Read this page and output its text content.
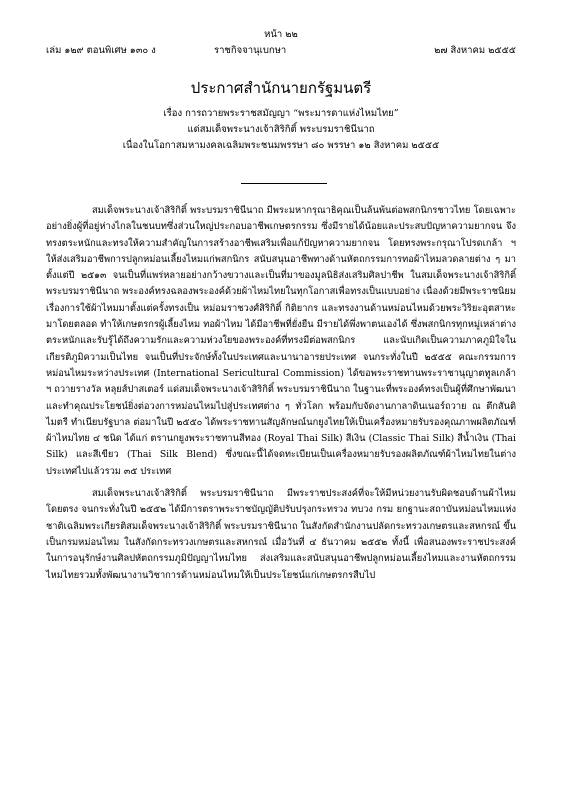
หน้า ๒๒
เล่ม ๑๒๙ ตอนพิเศษ ๑๓๐ ง	ราชกิจจานุเบกษา	๒๗ สิงหาคม ๒๕๕๕
ประกาศสำนักนายกรัฐมนตรี
เรื่อง การถวายพระราชสมัญญา “พระมารดาแห่งไหมไทย”
แด่สมเด็จพระนางเจ้าสิริกิติ์ พระบรมราชินีนาถ
เนื่องในโอกาสมหามงคลเฉลิมพระชนมพรรษา ๘๐ พรรษา ๑๒ สิงหาคม ๒๕๕๕

สมเด็จพระนางเจ้าสิริกิติ์ พระบรมราชินีนาถ มีพระมหากรุณาธิคุณเป็นล้นพ้นต่อพสกนิกรชาวไทย โดยเฉพาะอย่างยิ่งผู้ที่อยู่ห่างไกลในชนบทซึ่งส่วนใหญ่ประกอบอาชีพเกษตรกรรม ซึ่งมีรายได้น้อยและประสบปัญหาความยากจน จึงทรงตระหนักและทรงให้ความสำคัญในการสร้างอาชีพเสริมเพื่อแก้ปัญหาความยากจน โดยทรงพระกรุณาโปรดเกล้า ฯ ให้ส่งเสริมอาชีพการปลูกหม่อนเลี้ยงไหมแก่พสกนิกร สนับสนุนอาชีพทางด้านหัตถกรรมการทอผ้าไหมลวดลายต่าง ๆ มาตั้งแต่ปี ๒๕๑๓ จนเป็นที่แพร่หลายอย่างกว้างขวางและเป็นที่มาของมูลนิธิส่งเสริมศิลปาชีพ ในสมเด็จพระนางเจ้าสิริกิติ์ พระบรมราชินีนาถ พระองค์ทรงฉลองพระองค์ด้วยผ้าไหมไทยในทุกโอกาสเพื่อทรงเป็นแบบอย่าง เนื่องด้วยมีพระราชนิยมเรื่องการใช้ผ้าไหมมาตั้งแต่ครั้งทรงเป็น หม่อมราชวงศ์สิริกิติ์ กิติยากร และทรงงานด้านหม่อนไหมด้วยพระวิริยะอุตสาหะมาโดยตลอด ทำให้เกษตรกรผู้เลี้ยงไหม ทอผ้าไหม ได้มีอาชีพที่ยั่งยืน มีรายได้พึ่งพาตนเองได้ ซึ่งพสกนิกรทุกหมู่เหล่าต่างตระหนักและรับรู้ได้ถึงความรักและความห่วงใยของพระองค์ที่ทรงมีต่อพสกนิกร และนับเกิดเป็นความภาคภูมิใจในเกียรติภูมิความเป็นไทย จนเป็นที่ประจักษ์ทั้งในประเทศและนานาอารยประเทศ จนกระทั่งในปี ๒๕๕๕ คณะกรรมการหม่อนไหมระหว่างประเทศ (International Sericultural Commission) ได้ขอพระราชทานพระราชานุญาตทูลเกล้า ฯ ถวายรางวัล หลุยส์ปาสเตอร์ แด่สมเด็จพระนางเจ้าสิริกิติ์ พระบรมราชินีนาถ ในฐานะที่พระองค์ทรงเป็นผู้ที่ศึกษาพัฒนาและทำคุณประโยชน์ยิ่งต่อวงการหม่อนไหมไปสู่ประเทศต่าง ๆ ทั่วโลก พร้อมกับจัดงานกาลาดินเนอร์ถวาย ณ ตึกสันติไมตรี ทำเนียบรัฐบาล ต่อมาในปี ๒๕๕๐ ได้พระราชทานสัญลักษณ์นกยูงไทยให้เป็นเครื่องหมายรับรองคุณภาพผลิตภัณฑ์ผ้าไหมไทย ๔ ชนิด ได้แก่ ตรานกยูงพระราชทานสีทอง (Royal Thai Silk) สีเงิน (Classic Thai Silk) สีน้ำเงิน (Thai Silk) และสีเขียว (Thai Silk Blend) ซึ่งขณะนี้ได้จดทะเบียนเป็นเครื่องหมายรับรองผลิตภัณฑ์ผ้าไหมไทยในต่างประเทศไปแล้วรวม ๓๕ ประเทศ

สมเด็จพระนางเจ้าสิริกิติ์ พระบรมราชินีนาถ มีพระราชประสงค์ที่จะให้มีหน่วยงานรับผิดชอบด้านผ้าไหมโดยตรง จนกระทั่งในปี ๒๕๕๒ ได้มีการตราพระราชบัญญัติปรับปรุงกระทรวง ทบวง กรม ยกฐานะสถาบันหม่อนไหมแห่งชาติเฉลิมพระเกียรติสมเด็จพระนางเจ้าสิริกิติ์ พระบรมราชินีนาถ ในสังกัดสำนักงานปลัดกระทรวงเกษตรและสหกรณ์ ขึ้นเป็นกรมหม่อนไหม ในสังกัดกระทรวงเกษตรและสหกรณ์ เมื่อวันที่ ๔ ธันวาคม ๒๕๕๒ ทั้งนี้ เพื่อสนองพระราชประสงค์ ในการอนุรักษ์งานศิลปหัตถกรรมภูมิปัญญาไหมไทย ส่งเสริมและสนับสนุนอาชีพปลูกหม่อนเลี้ยงไหมและงานหัตถกรรมไหมไทยรวมทั้งพัฒนางานวิชาการด้านหม่อนไหมให้เป็นประโยชน์แก่เกษตรกรสืบไป
